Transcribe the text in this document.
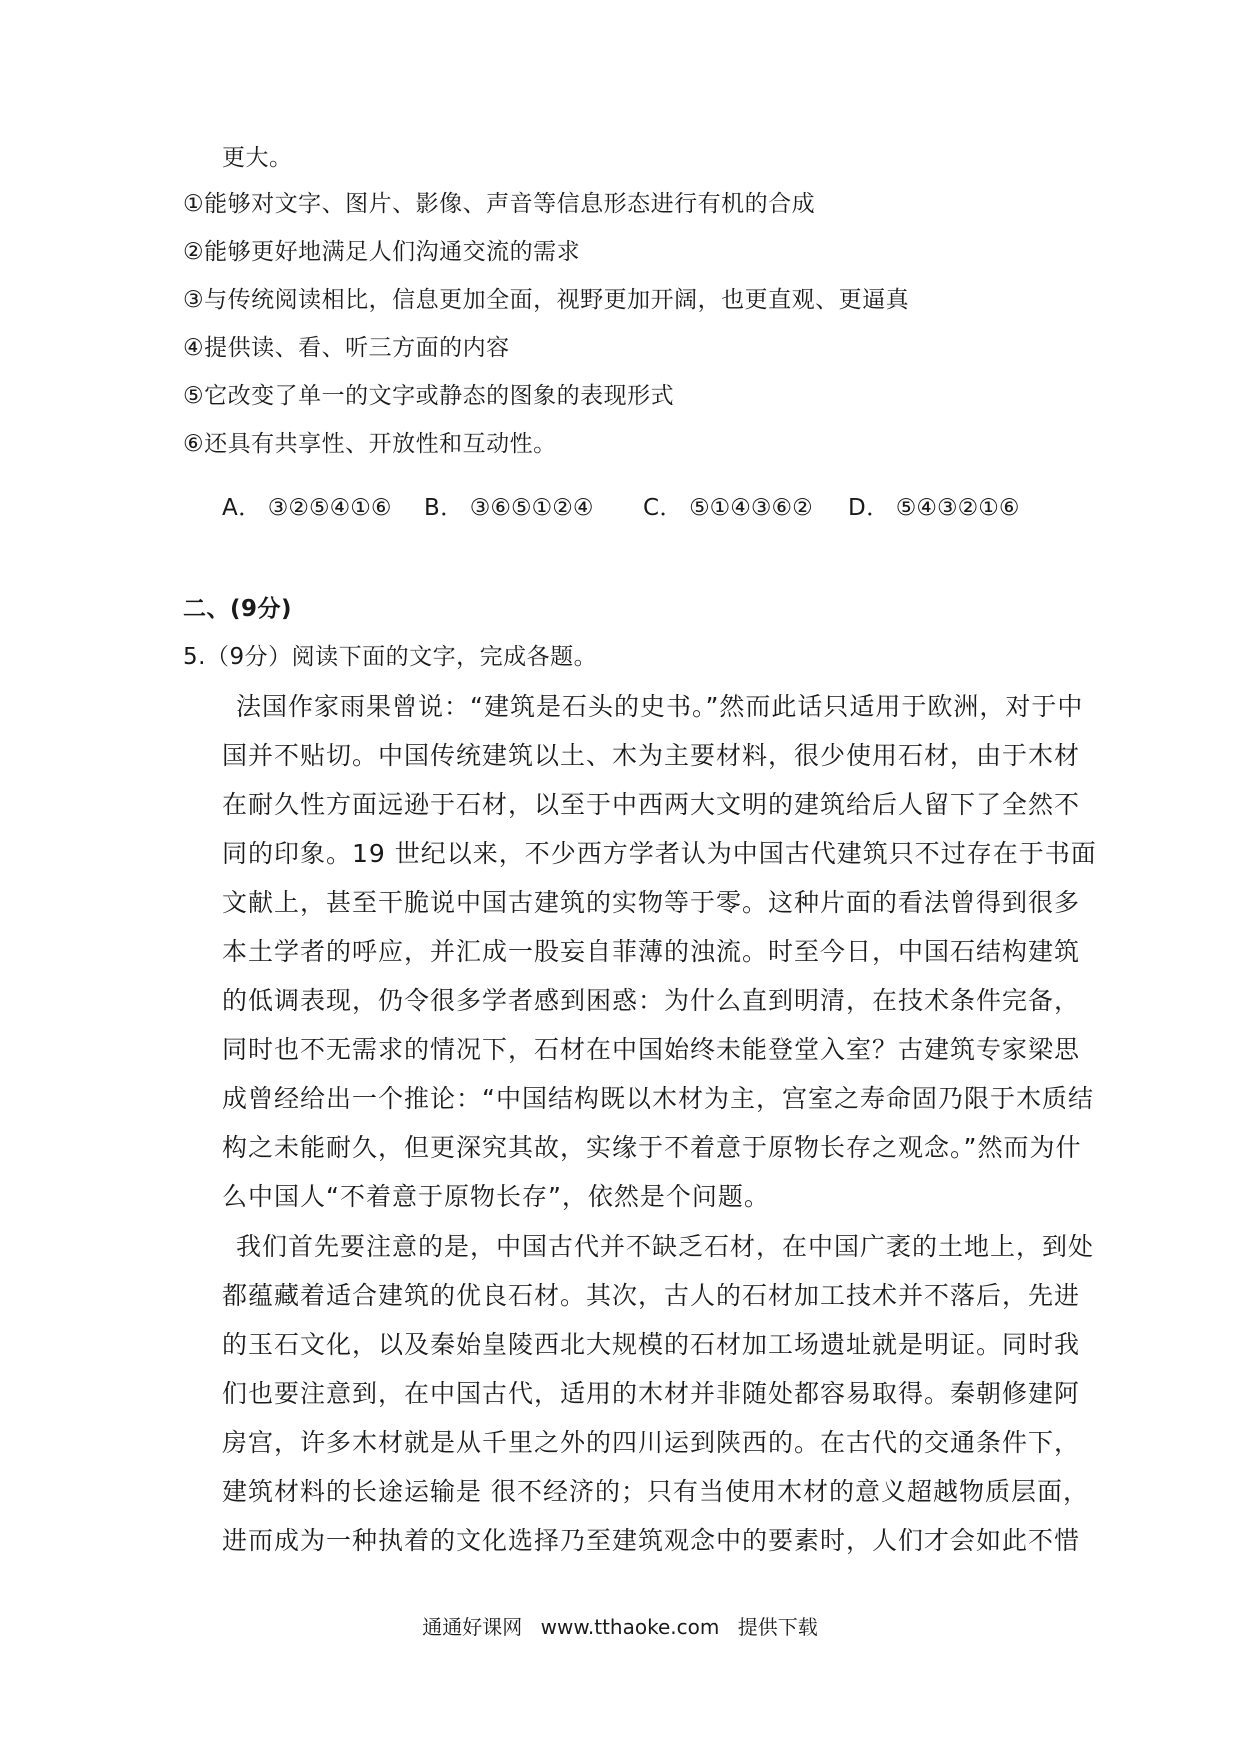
更大。
①能够对文字、图片、影像、声音等信息形态进行有机的合成
②能够更好地满足人们沟通交流的需求
③与传统阅读相比，信息更加全面，视野更加开阔，也更直观、更逼真
④提供读、看、听三方面的内容
⑤它改变了单一的文字或静态的图象的表现形式
⑥还具有共享性、开放性和互动性。
A． ③②⑤④①⑥ B． ③⑥⑤①②④ C． ⑤①④③⑥② D． ⑤④③②①⑥
二、(9分)
5.（9分）阅读下面的文字，完成各题。
法国作家雨果曾说：“建筑是石头的史书。”然而此话只适用于欧洲，对于中
国并不贴切。中国传统建筑以土、木为主要材料，很少使用石材，由于木材
在耐久性方面远逊于石材，以至于中西两大文明的建筑给后人留下了全然不
同的印象。19 世纪以来，不少西方学者认为中国古代建筑只不过存在于书面
文献上，甚至干脆说中国古建筑的实物等于零。这种片面的看法曾得到很多
本土学者的呼应，并汇成一股妄自菲薄的浊流。时至今日，中国石结构建筑
的低调表现，仍令很多学者感到困惑：为什么直到明清，在技术条件完备，
同时也不无需求的情况下，石材在中国始终未能登堂入室？古建筑专家梁思
成曾经给出一个推论：“中国结构既以木材为主，宫室之寿命固乃限于木质结
构之未能耐久，但更深究其故，实缘于不着意于原物长存之观念。”然而为什
么中国人“不着意于原物长存”，依然是个问题。
我们首先要注意的是，中国古代并不缺乏石材，在中国广袤的土地上，到处
都蕴藏着适合建筑的优良石材。其次，古人的石材加工技术并不落后，先进
的玉石文化，以及秦始皇陵西北大规模的石材加工场遗址就是明证。同时我
们也要注意到，在中国古代，适用的木材并非随处都容易取得。秦朝修建阿
房宫，许多木材就是从千里之外的四川运到陕西的。在古代的交通条件下，
建筑材料的长途运输是 很不经济的；只有当使用木材的意义超越物质层面，
进而成为一种执着的文化选择乃至建筑观念中的要素时，人们才会如此不惜
通通好课网 www.tthaoke.com 提供下载
